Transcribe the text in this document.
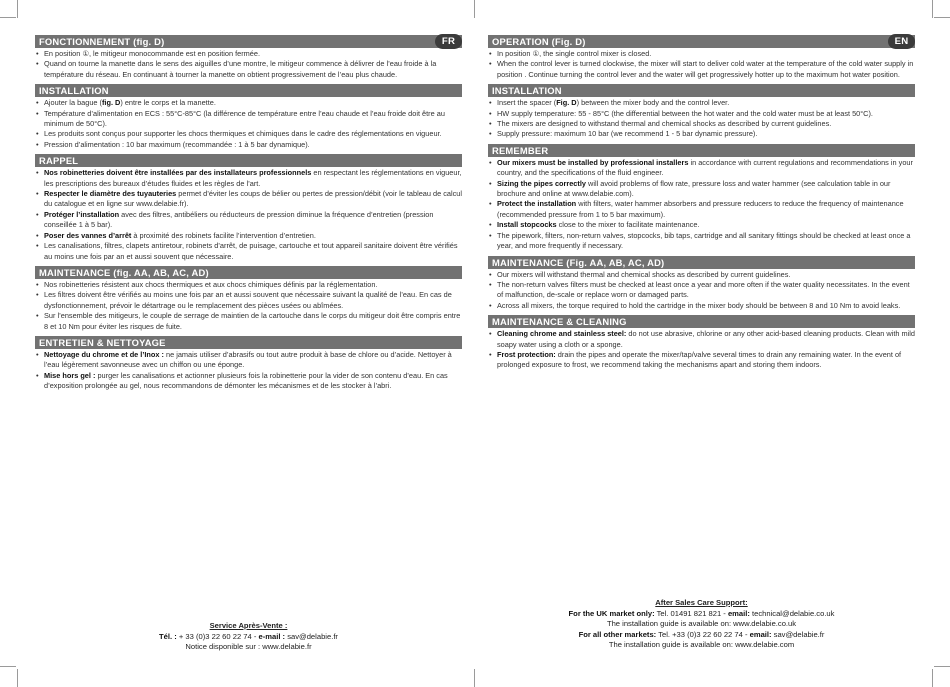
FONCTIONNEMENT (fig. D)	FR
• En position ①, le mitigeur monocommande est en position fermée.
• Quand on tourne la manette dans le sens des aiguilles d’une montre, le mitigeur commence à délivrer de l’eau froide à la température du réseau. En continuant à tourner la manette on obtient progressivement de l’eau plus chaude.
INSTALLATION
• Ajouter la bague (fig. D) entre le corps et la manette.
• Température d’alimentation en ECS : 55°C-85°C (la différence de température entre l’eau chaude et l’eau froide doit être au minimum de 50°C).
• Les produits sont conçus pour supporter les chocs thermiques et chimiques dans le cadre des réglementations en vigueur.
• Pression d’alimentation : 10 bar maximum (recommandée : 1 à 5 bar dynamique).
RAPPEL
• Nos robinetteries doivent être installées par des installateurs professionnels en respectant les réglementations en vigueur, les prescriptions des bureaux d’études fluides et les règles de l’art.
• Respecter le diamètre des tuyauteries permet d’éviter les coups de bélier ou pertes de pression/débit (voir le tableau de calcul du catalogue et en ligne sur www.delabie.fr).
• Protéger l’installation avec des filtres, antibéliers ou réducteurs de pression diminue la fréquence d’entretien (pression conseillée 1 à 5 bar).
• Poser des vannes d’arrêt à proximité des robinets facilite l’intervention d’entretien.
• Les canalisations, filtres, clapets antiretour, robinets d’arrêt, de puisage, cartouche et tout appareil sanitaire doivent être vérifiés au moins une fois par an et aussi souvent que nécessaire.
MAINTENANCE (fig. AA, AB, AC, AD)
• Nos robinetteries résistent aux chocs thermiques et aux chocs chimiques définis par la réglementation.
• Les filtres doivent être vérifiés au moins une fois par an et aussi souvent que nécessaire suivant la qualité de l’eau. En cas de dysfonctionnement, prévoir le détartrage ou le remplacement des pièces usées ou abîmées.
• Sur l’ensemble des mitigeurs, le couple de serrage de maintien de la cartouche dans le corps du mitigeur doit être compris entre 8 et 10 Nm pour éviter les risques de fuite.
ENTRETIEN & NETTOYAGE
• Nettoyage du chrome et de l’Inox : ne jamais utiliser d’abrasifs ou tout autre produit à base de chlore ou d’acide. Nettoyer à l’eau légèrement savonneuse avec un chiffon ou une éponge.
• Mise hors gel : purger les canalisations et actionner plusieurs fois la robinetterie pour la vider de son contenu d’eau. En cas d’exposition prolongée au gel, nous recommandons de démonter les mécanismes et de les stocker à l’abri.
OPERATION (Fig. D)	EN
• In position ①, the single control mixer is closed.
• When the control lever is turned clockwise, the mixer will start to deliver cold water at the temperature of the cold water supply in position . Continue turning the control lever and the water will get progressively hotter up to the maximum hot water position.
INSTALLATION
• Insert the spacer (Fig. D) between the mixer body and the control lever.
• HW supply temperature: 55 - 85°C (the differential between the hot water and the cold water must be at least 50°C).
• The mixers are designed to withstand thermal and chemical shocks as described by current guidelines.
• Supply pressure: maximum 10 bar (we recommend 1 - 5 bar dynamic pressure).
REMEMBER
• Our mixers must be installed by professional installers in accordance with current regulations and recommendations in your country, and the specifications of the fluid engineer.
• Sizing the pipes correctly will avoid problems of flow rate, pressure loss and water hammer (see calculation table in our brochure and online at www.delabie.com).
• Protect the installation with filters, water hammer absorbers and pressure reducers to reduce the frequency of maintenance (recommended pressure from 1 to 5 bar maximum).
• Install stopcocks close to the mixer to facilitate maintenance.
• The pipework, filters, non-return valves, stopcocks, bib taps, cartridge and all sanitary fittings should be checked at least once a year, and more frequently if necessary.
MAINTENANCE (Fig. AA, AB, AC, AD)
• Our mixers will withstand thermal and chemical shocks as described by current guidelines.
• The non-return valves filters must be checked at least once a year and more often if the water quality necessitates. In the event of malfunction, de-scale or replace worn or damaged parts.
• Across all mixers, the torque required to hold the cartridge in the mixer body should be between 8 and 10 Nm to avoid leaks.
MAINTENANCE & CLEANING
• Cleaning chrome and stainless steel: do not use abrasive, chlorine or any other acid-based cleaning products. Clean with mild soapy water using a cloth or a sponge.
• Frost protection: drain the pipes and operate the mixer/tap/valve several times to drain any remaining water. In the event of prolonged exposure to frost, we recommend taking the mechanisms apart and storing them indoors.
Service Après-Vente :
Tél. : + 33 (0)3 22 60 22 74 - e-mail : sav@delabie.fr
Notice disponible sur : www.delabie.fr
After Sales Care Support:
For the UK market only: Tel. 01491 821 821 - email: technical@delabie.co.uk
The installation guide is available on: www.delabie.co.uk
For all other markets: Tel. +33 (0)3 22 60 22 74 - email: sav@delabie.fr
The installation guide is available on: www.delabie.com
